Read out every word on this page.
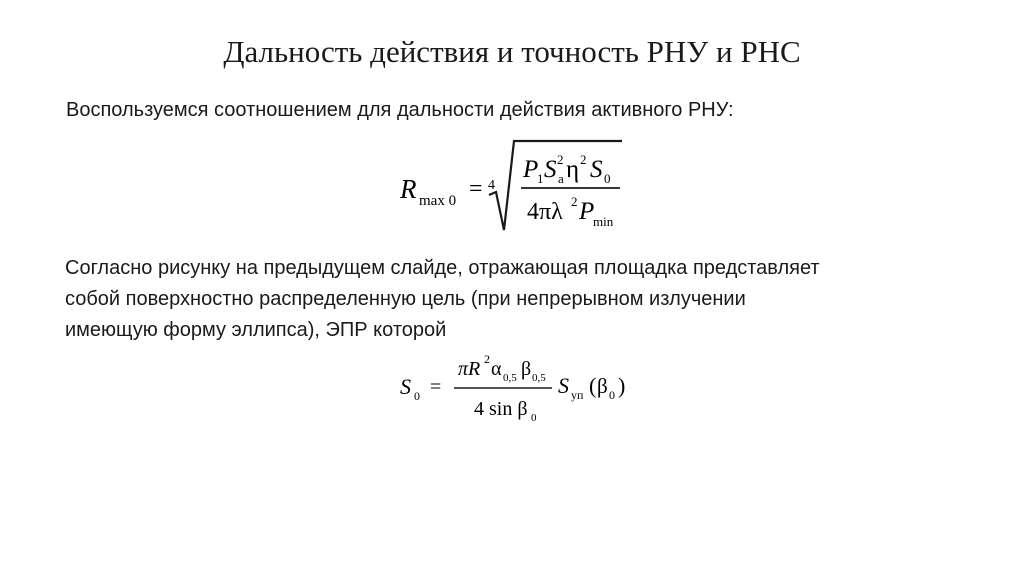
Дальность действия и точность РНУ и РНС
Воспользуемся соотношением для дальности действия активного РНУ:
R max 0 = 4
P
1 S 2
a η 2 S 0
4πλ 2 P
min
Согласно рисунку на предыдущем слайде, отражающая площадка представляет
собой поверхностно распределенную цель (при непрерывном излучении
имеющую форму эллипса), ЭПР которой
S 0 =
πR 2 α 0,5 β 0,5
4 sin β 0
S уп ( β 0 )
